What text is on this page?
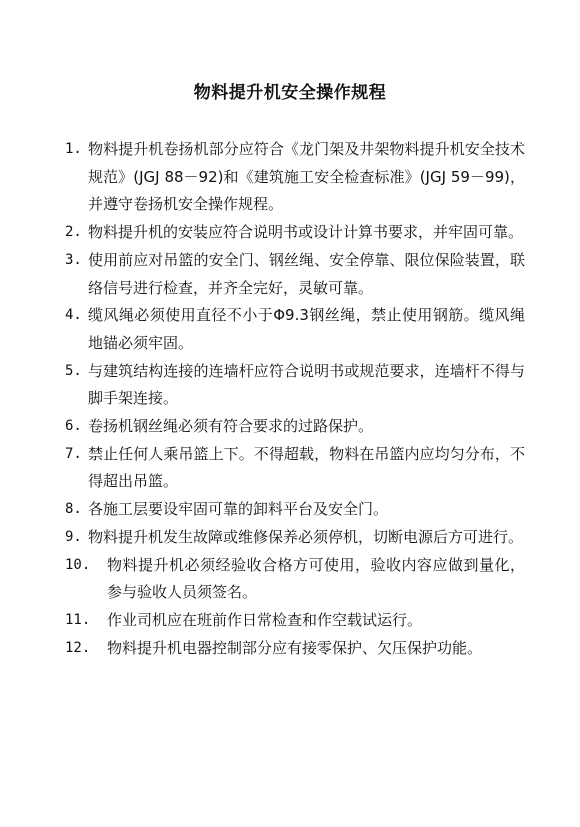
物料提升机安全操作规程
1. 物料提升机卷扬机部分应符合《龙门架及井架物料提升机安全技术规范》(JGJ 88－92)和《建筑施工安全检查标准》(JGJ 59－99)，并遵守卷扬机安全操作规程。
2. 物料提升机的安装应符合说明书或设计计算书要求，并牢固可靠。
3. 使用前应对吊篮的安全门、钢丝绳、安全停靠、限位保险装置，联络信号进行检查，并齐全完好，灵敏可靠。
4. 缆风绳必须使用直径不小于Φ9.3钢丝绳，禁止使用钢筋。缆风绳地锚必须牢固。
5. 与建筑结构连接的连墙杆应符合说明书或规范要求，连墙杆不得与脚手架连接。
6. 卷扬机钢丝绳必须有符合要求的过路保护。
7. 禁止任何人乘吊篮上下。不得超载，物料在吊篮内应均匀分布，不得超出吊篮。
8. 各施工层要设牢固可靠的卸料平台及安全门。
9. 物料提升机发生故障或维修保养必须停机，切断电源后方可进行。
10.	物料提升机必须经验收合格方可使用，验收内容应做到量化，参与验收人员须签名。
11.	作业司机应在班前作日常检查和作空载试运行。
12.	物料提升机电器控制部分应有接零保护、欠压保护功能。
